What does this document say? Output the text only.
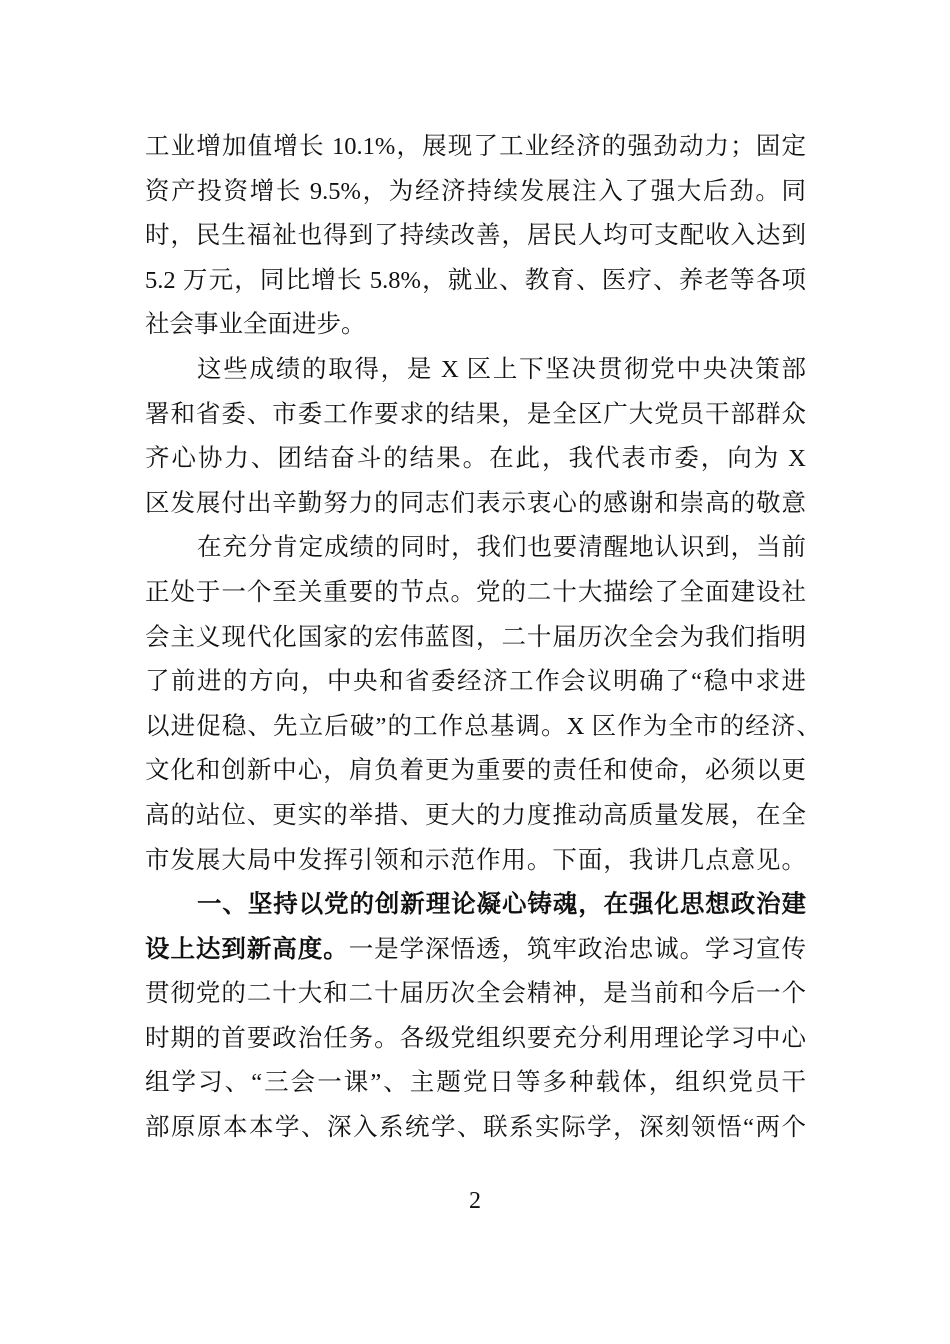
工业增加值增长 10.1%，展现了工业经济的强劲动力；固定
资产投资增长 9.5%，为经济持续发展注入了强大后劲。同
时，民生福祉也得到了持续改善，居民人均可支配收入达到
5.2 万元，同比增长 5.8%，就业、教育、医疗、养老等各项
社会事业全面进步。
这些成绩的取得，是 X 区上下坚决贯彻党中央决策部
署和省委、市委工作要求的结果，是全区广大党员干部群众
齐心协力、团结奋斗的结果。在此，我代表市委，向为 X
区发展付出辛勤努力的同志们表示衷心的感谢和崇高的敬意
在充分肯定成绩的同时，我们也要清醒地认识到，当前
正处于一个至关重要的节点。党的二十大描绘了全面建设社
会主义现代化国家的宏伟蓝图，二十届历次全会为我们指明
了前进的方向，中央和省委经济工作会议明确了“稳中求进
以进促稳、先立后破”的工作总基调。X 区作为全市的经济、
文化和创新中心，肩负着更为重要的责任和使命，必须以更
高的站位、更实的举措、更大的力度推动高质量发展，在全
市发展大局中发挥引领和示范作用。下面，我讲几点意见。
一、坚持以党的创新理论凝心铸魂，在强化思想政治建
设上达到新高度。一是学深悟透，筑牢政治忠诚。学习宣传
贯彻党的二十大和二十届历次全会精神，是当前和今后一个
时期的首要政治任务。各级党组织要充分利用理论学习中心
组学习、“三会一课”、主题党日等多种载体，组织党员干
部原原本本学、深入系统学、联系实际学，深刻领悟“两个
2
